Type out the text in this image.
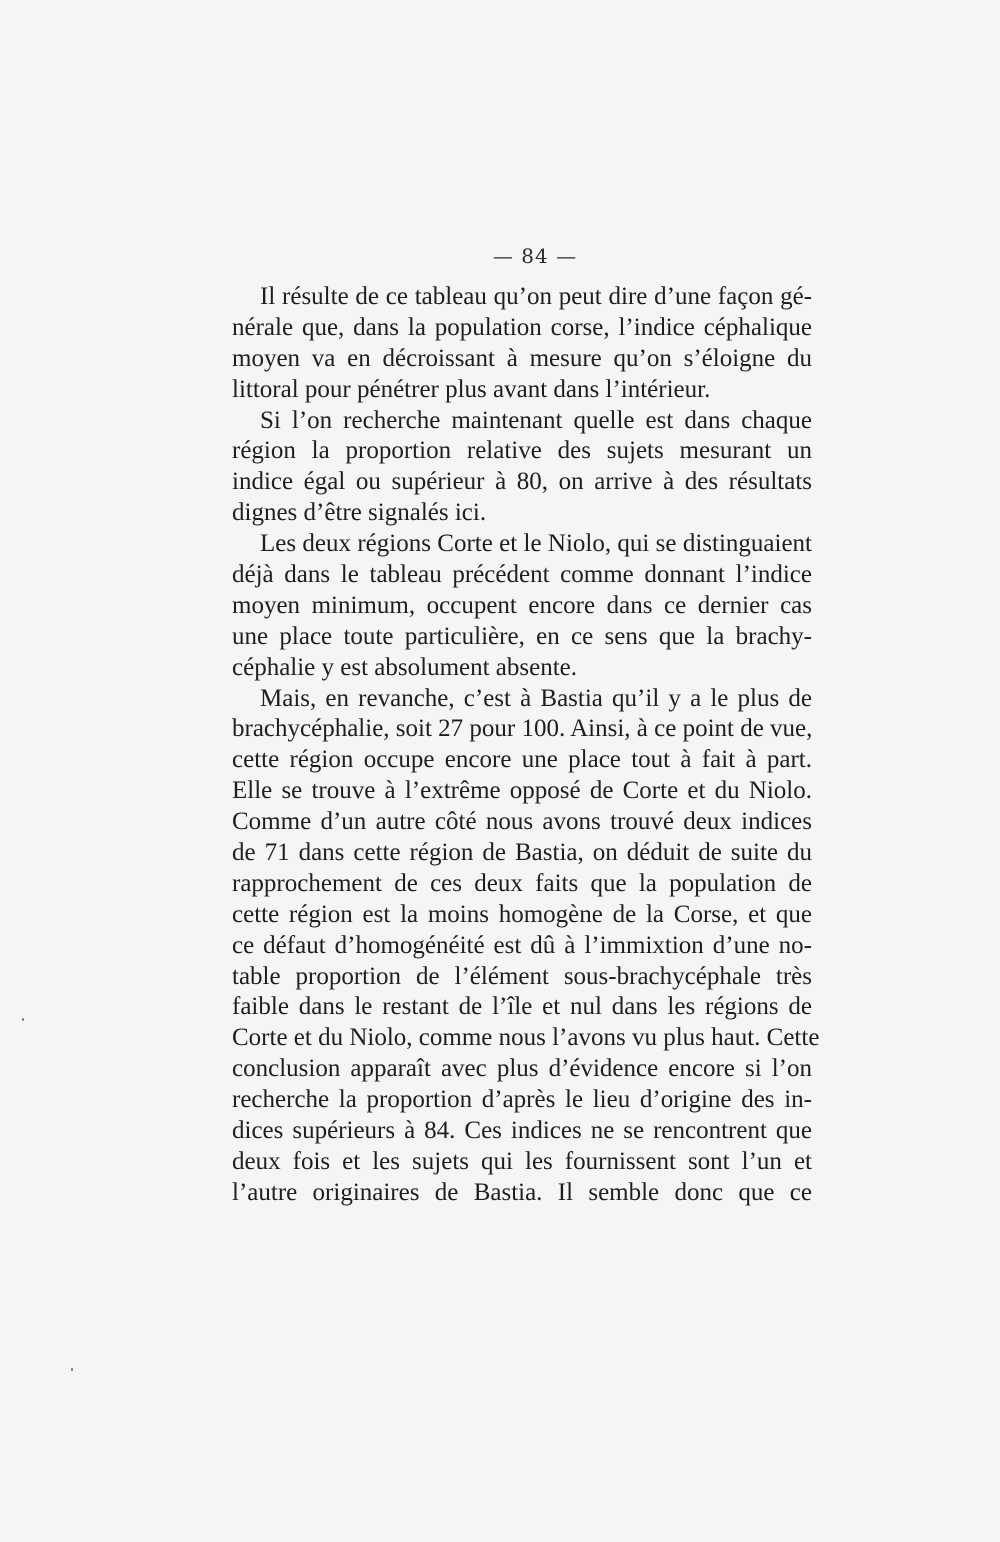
— 84 —
Il résulte de ce tableau qu’on peut dire d’une façon gé-
nérale que, dans la population corse, l’indice céphalique
moyen va en décroissant à mesure qu’on s’éloigne du
littoral pour pénétrer plus avant dans l’intérieur.
Si l’on recherche maintenant quelle est dans chaque
région la proportion relative des sujets mesurant un
indice égal ou supérieur à 80, on arrive à des résultats
dignes d’être signalés ici.
Les deux régions Corte et le Niolo, qui se distinguaient
déjà dans le tableau précédent comme donnant l’indice
moyen minimum, occupent encore dans ce dernier cas
une place toute particulière, en ce sens que la brachy-
céphalie y est absolument absente.
Mais, en revanche, c’est à Bastia qu’il y a le plus de
brachycéphalie, soit 27 pour 100. Ainsi, à ce point de vue,
cette région occupe encore une place tout à fait à part.
Elle se trouve à l’extrême opposé de Corte et du Niolo.
Comme d’un autre côté nous avons trouvé deux indices
de 71 dans cette région de Bastia, on déduit de suite du
rapprochement de ces deux faits que la population de
cette région est la moins homogène de la Corse, et que
ce défaut d’homogénéité est dû à l’immixtion d’une no-
table proportion de l’élément sous-brachycéphale très
faible dans le restant de l’île et nul dans les régions de
Corte et du Niolo, comme nous l’avons vu plus haut. Cette
conclusion apparaît avec plus d’évidence encore si l’on
recherche la proportion d’après le lieu d’origine des in-
dices supérieurs à 84. Ces indices ne se rencontrent que
deux fois et les sujets qui les fournissent sont l’un et
l’autre originaires de Bastia. Il semble donc que ce
